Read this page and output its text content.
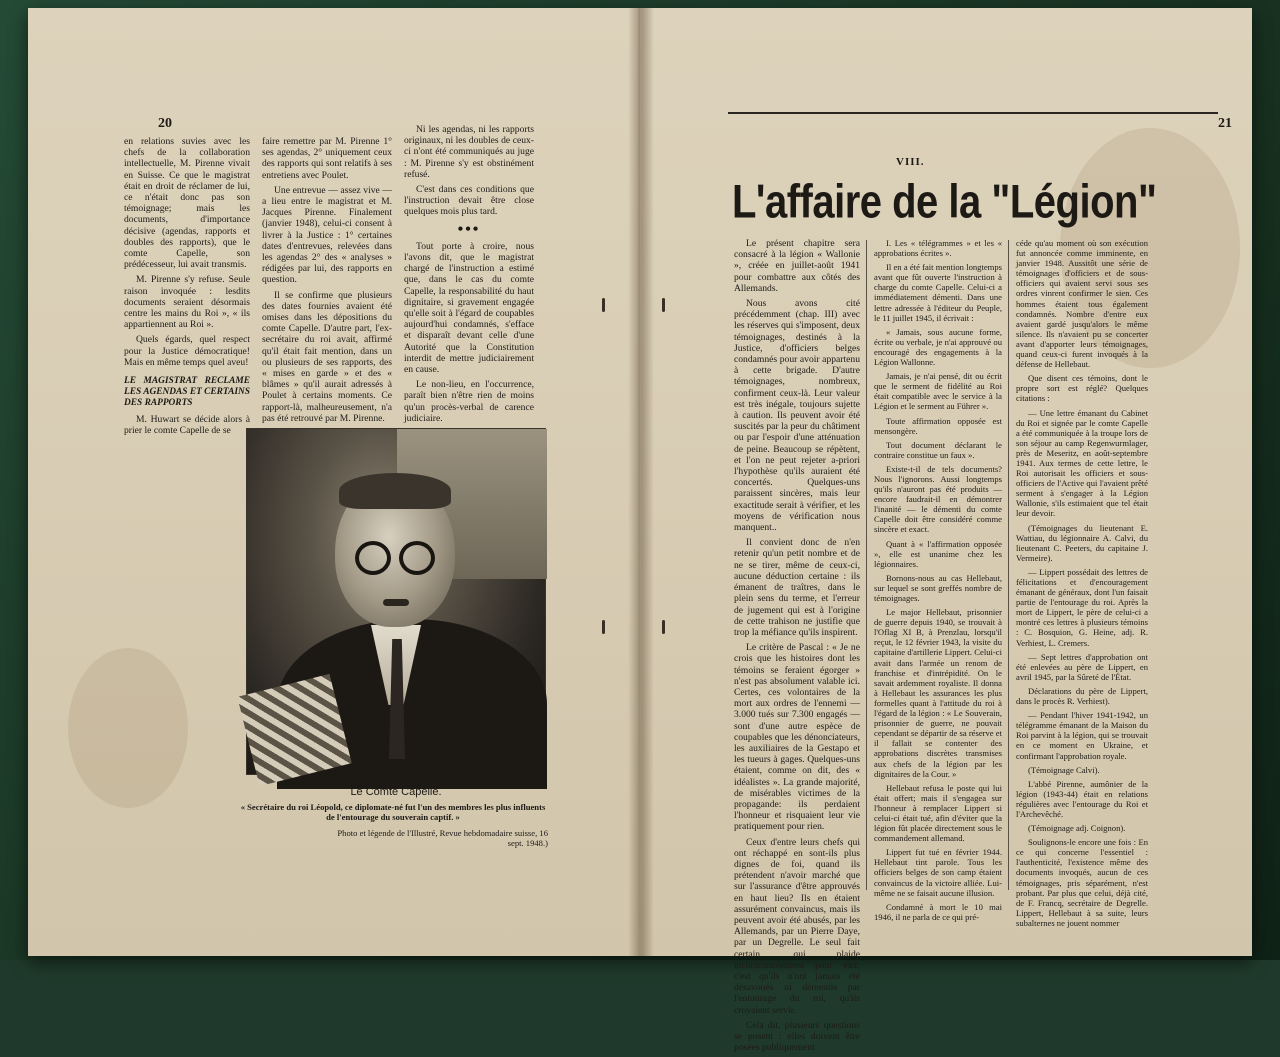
20

en relations suvies avec les chefs de la collaboration intellectuelle, M. Pirenne vivait en Suisse. Ce que le magistrat était en droit de réclamer de lui, ce n'était donc pas son témoignage; mais les documents, d'importance décisive (agendas, rapports et doubles des rapports), que le comte Capelle, son prédécesseur, lui avait transmis.

M. Pirenne s'y refuse. Seule raison invoquée : lesdits documents seraient désormais centre les mains du Roi », « ils appartiennent au Roi ».

Quels égards, quel respect pour la Justice démocratique! Mais en même temps quel aveu!

LE MAGISTRAT RECLAME LES AGENDAS ET CERTAINS DES RAPPORTS

M. Huwart se décide alors à prier le comte Capelle de se

faire remettre par M. Pirenne 1° ses agendas, 2° uniquement ceux des rapports qui sont relatifs à ses entretiens avec Poulet.

Une entrevue — assez vive — a lieu entre le magistrat et M. Jacques Pirenne. Finalement (janvier 1948), celui-ci consent à livrer à la Justice : 1° certaines dates d'entrevues, relevées dans les agendas 2° des « analyses » rédigées par lui, des rapports en question.

Il se confirme que plusieurs des dates fournies avaient été omises dans les dépositions du comte Capelle. D'autre part, l'ex-secrétaire du roi avait, affirmé qu'il était fait mention, dans un ou plusieurs de ses rapports, des « mises en garde » et des « blâmes » qu'il aurait adressés à Poulet à certains moments. Ce rapport-là, malheureusement, n'a pas été retrouvé par M. Pirenne.

Ni les agendas, ni les rapports originaux, ni les doubles de ceux-ci n'ont été communiqués au juge : M. Pirenne s'y est obstinément refusé.

C'est dans ces conditions que l'instruction devait être close quelques mois plus tard.

•••

Tout porte à croire, nous l'avons dit, que le magistrat chargé de l'instruction a estimé que, dans le cas du comte Capelle, la responsabilité du haut dignitaire, si gravement engagée qu'elle soit à l'égard de coupables aujourd'hui condamnés, s'efface et disparaît devant celle d'une Autorité que la Constitution interdit de mettre judiciairement en cause.

Le non-lieu, en l'occurrence, paraît bien n'être rien de moins qu'un procès-verbal de carence judiciaire.

Le Comte Capelle.
« Secrétaire du roi Léopold, ce diplomate-né fut l'un des membres les plus influents de l'entourage du souverain captif. »
Photo et légende de l'Illustré, Revue hebdomadaire suisse, 16 sept. 1948.)
21
VIII.
L'affaire de la "Légion"

Le présent chapitre sera consacré à la légion « Wallonie », créée en juillet-août 1941 pour combattre aux côtés des Allemands.

Nous avons cité précédemment (chap. III) avec les réserves qui s'imposent, deux témoignages, destinés à la Justice, d'officiers belges condamnés pour avoir appartenu à cette brigade. D'autre témoignages, nombreux, confirment ceux-là. Leur valeur est très inégale, toujours sujette à caution. Ils peuvent avoir été suscités par la peur du châtiment ou par l'espoir d'une atténuation de peine. Beaucoup se répètent, et l'on ne peut rejeter a-priori l'hypothèse qu'ils auraient été concertés. Quelques-uns paraissent sincères, mais leur exactitude serait à vérifier, et les moyens de vérification nous manquent..

Il convient donc de n'en retenir qu'un petit nombre et de ne se tirer, même de ceux-ci, aucune déduction certaine : ils émanent de traîtres, dans le plein sens du terme, et l'erreur de jugement qui est à l'origine de cette trahison ne justifie que trop la méfiance qu'ils inspirent.

Le critère de Pascal : « Je ne crois que les histoires dont les témoins se feraient égorger » n'est pas absolument valable ici. Certes, ces volontaires de la mort aux ordres de l'ennemi — 3.000 tués sur 7.300 engagés — sont d'une autre espèce de coupables que les dénonciateurs, les auxiliaires de la Gestapo et les tueurs à gages. Quelques-uns étaient, comme on dit, des « idéalistes ». La grande majorité, de misérables victimes de la propagande: ils perdaient l'honneur et risquaient leur vie pratiquement pour rien.

Ceux d'entre leurs chefs qui ont réchappé en sont-ils plus dignes de foi, quand ils prétendent n'avoir marché que sur l'assurance d'être approuvés en haut lieu? Ils en étaient assurément convaincus, mais ils peuvent avoir été abusés, par les Allemands, par un Pierre Daye, par un Degrelle. Le seul fait certain, qui plaide incontestablement pour eux, c'est qu'ils n'ont jamais été désavoués ni démentis par l'entourage du roi, qu'ils croyaient servir.

Cela dit, plusieurs questions se posent : elles doivent être posées publiquement.

I. Les « télégrammes » et les « approbations écrites ».

Il en a été fait mention longtemps avant que fût ouverte l'instruction à charge du comte Capelle. Celui-ci a immédiatement démenti. Dans une lettre adressée à l'éditeur du Peuple, le 11 juillet 1945, il écrivait :

« Jamais, sous aucune forme, écrite ou verbale, je n'ai approuvé ou encouragé des engagements à la Légion Wallonne.

Jamais, je n'ai pensé, dit ou écrit que le serment de fidélité au Roi était compatible avec le service à la Légion et le serment au Führer ».

Toute affirmation opposée est mensongère.

Tout document déclarant le contraire constitue un faux ».

Existe-t-il de tels documents? Nous l'ignorons. Aussi longtemps qu'ils n'auront pas été produits — encore faudrait-il en démontrer l'inanité — le démenti du comte Capelle doit être considéré comme sincère et exact.

Quant à « l'affirmation opposée », elle est unanime chez les légionnaires.

Bornons-nous au cas Hellebaut, sur lequel se sont greffés nombre de témoignages.

Le major Hellebaut, prisonnier de guerre depuis 1940, se trouvait à l'Oflag XI B, à Prenzlau, lorsqu'il reçut, le 12 février 1943, la visite du capitaine d'artillerie Lippert. Celui-ci avait dans l'armée un renom de franchise et d'intrépidité. On le savait ardemment royaliste. Il donna à Hellebaut les assurances les plus formelles quant à l'attitude du roi à l'égard de la légion : « Le Souverain, prisonnier de guerre, ne pouvait cependant se départir de sa réserve et il fallait se contenter des approbations discrètes transmises aux chefs de la légion par les dignitaires de la Cour. »

Hellebaut refusa le poste qui lui était offert; mais il s'engagea sur l'honneur à remplacer Lippert si celui-ci était tué, afin d'éviter que la légion fût placée directement sous le commandement allemand.

Lippert fut tué en février 1944. Hellebaut tint parole. Tous les officiers belges de son camp étaient convaincus de la victoire alliée. Lui-même ne se faisait aucune illusion.

Condamné à mort le 10 mai 1946, il ne parla de ce qui pré-

céde qu'au moment où son exécution fut annoncée comme imminente, en janvier 1948. Aussitôt une série de témoignages d'officiers et de sous-officiers qui avaient servi sous ses ordres vinrent confirmer le sien. Ces hommes étaient tous également condamnés. Nombre d'entre eux avaient gardé jusqu'alors le même silence. Ils n'avaient pu se concerter avant d'apporter leurs témoignages, quand ceux-ci furent invoqués à la défense de Hellebaut.

Que disent ces témoins, dont le propre sort est réglé? Quelques citations :

— Une lettre émanant du Cabinet du Roi et signée par le comte Capelle a été communiquée à la troupe lors de son séjour au camp Regenwurmlager, près de Meseritz, en août-septembre 1941. Aux termes de cette lettre, le Roi autorisait les officiers et sous-officiers de l'Active qui l'avaient prêté serment à s'engager à la Légion Wallonie, s'ils estimaient que tel était leur devoir.

(Témoignages du lieutenant E. Wattiau, du légionnaire A. Calvi, du lieutenant C. Peeters, du capitaine J. Vermeire).

— Lippert possédait des lettres de félicitations et d'encouragement émanant de généraux, dont l'un faisait partie de l'entourage du roi. Après la mort de Lippert, le père de celui-ci a montré ces lettres à plusieurs témoins : C. Bosquion, G. Heine, adj. R. Verhiest, L. Cremers.

— Sept lettres d'approbation ont été enlevées au père de Lippert, en avril 1945, par la Sûreté de l'État.

Déclarations du père de Lippert, dans le procès R. Verhiest).

— Pendant l'hiver 1941-1942, un télégramme émanant de la Maison du Roi parvint à la légion, qui se trouvait en ce moment en Ukraine, et confirmant l'approbation royale.

(Témoignage Calvi).

L'abbé Pirenne, aumônier de la légion (1943-44) était en relations régulières avec l'entourage du Roi et l'Archevêché.

(Témoignage adj. Coignon).

Soulignons-le encore une fois : En ce qui concerne l'essentiel : l'authenticité, l'existence même des documents invoqués, aucun de ces témoignages, pris séparément, n'est probant. Par plus que celui, déjà cité, de F. Francq, secrétaire de Degrelle. Lippert, Hellebaut à sa suite, leurs subalternes ne jouent nommer
